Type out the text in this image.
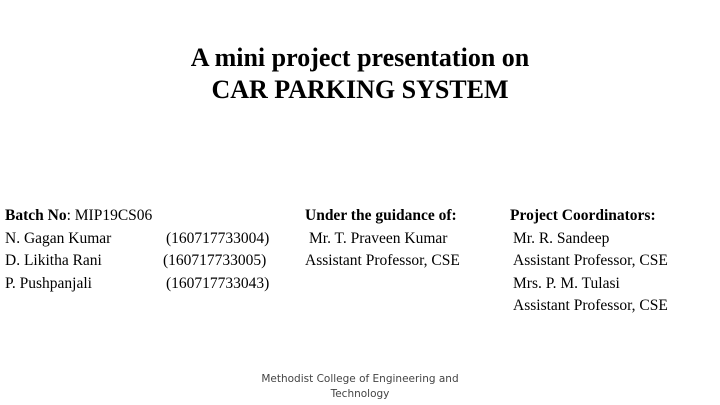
A mini project presentation on
CAR PARKING SYSTEM
Batch No: MIP19CS06
N. Gagan Kumar
D. Likitha Rani
P. Pushpanjali
(160717733004)
(160717733005)
(160717733043)
Under the guidance of:
Mr. T. Praveen Kumar
Assistant Professor, CSE
Project Coordinators:
Mr. R. Sandeep
Assistant Professor, CSE
Mrs. P. M. Tulasi
Assistant Professor, CSE
Methodist College of Engineering and
Technology
